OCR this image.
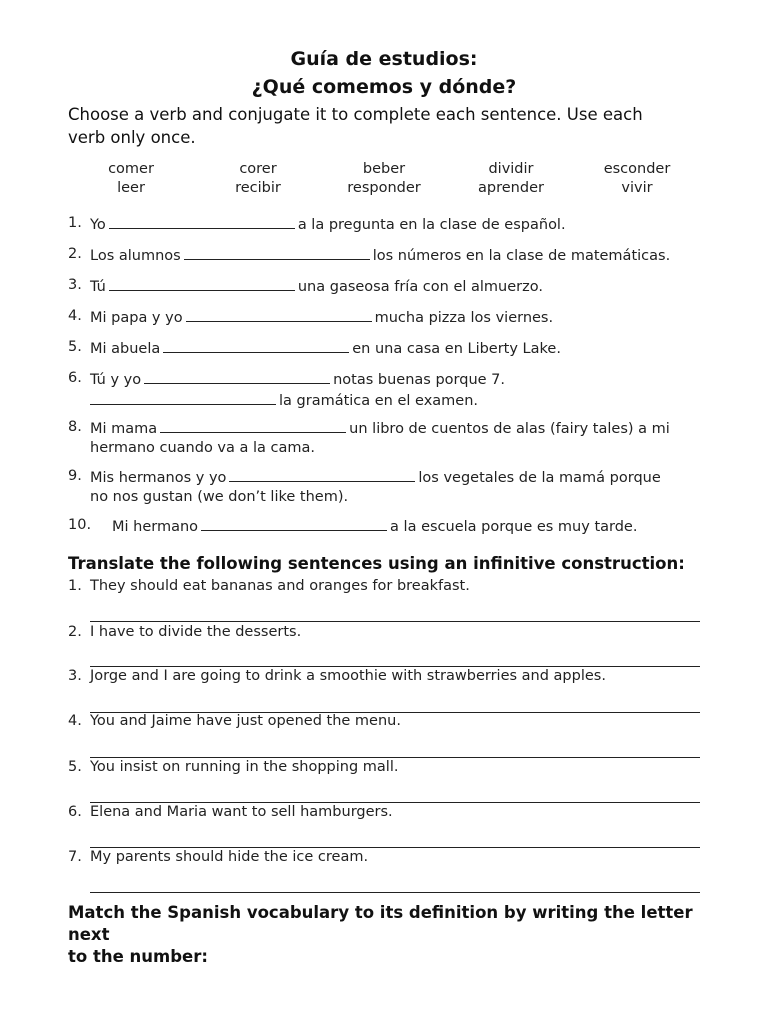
Guía de estudios:
¿Qué comemos y dónde?
Choose a verb and conjugate it to complete each sentence. Use each
verb only once.
comer	corer	beber	dividir	esconder
leer	recibir	responder	aprender	vivir
1. Yo	a la pregunta en la clase de español.
2. Los alumnos	los números en la clase de matemáticas.
3. Tú	una gaseosa fría con el almuerzo.
4. Mi papa y yo	mucha pizza los viernes.
5. Mi abuela	en una casa en Liberty Lake.
6. Tú y yo	notas buenas porque 7.
la gramática en el examen.
8. Mi mama	un libro de cuentos de alas (fairy tales) a mi
hermano cuando va a la cama.
9. Mis hermanos y yo	los vegetales de la mamá porque
no nos gustan (we don’t like them).
10. Mi hermano	a la escuela porque es muy tarde.
Translate the following sentences using an infinitive construction:
1. They should eat bananas and oranges for breakfast.
2. I have to divide the desserts.
3. Jorge and I are going to drink a smoothie with strawberries and apples.
4. You and Jaime have just opened the menu.
5. You insist on running in the shopping mall.
6. Elena and Maria want to sell hamburgers.
7. My parents should hide the ice cream.
Match the Spanish vocabulary to its definition by writing the letter next
to the number:
